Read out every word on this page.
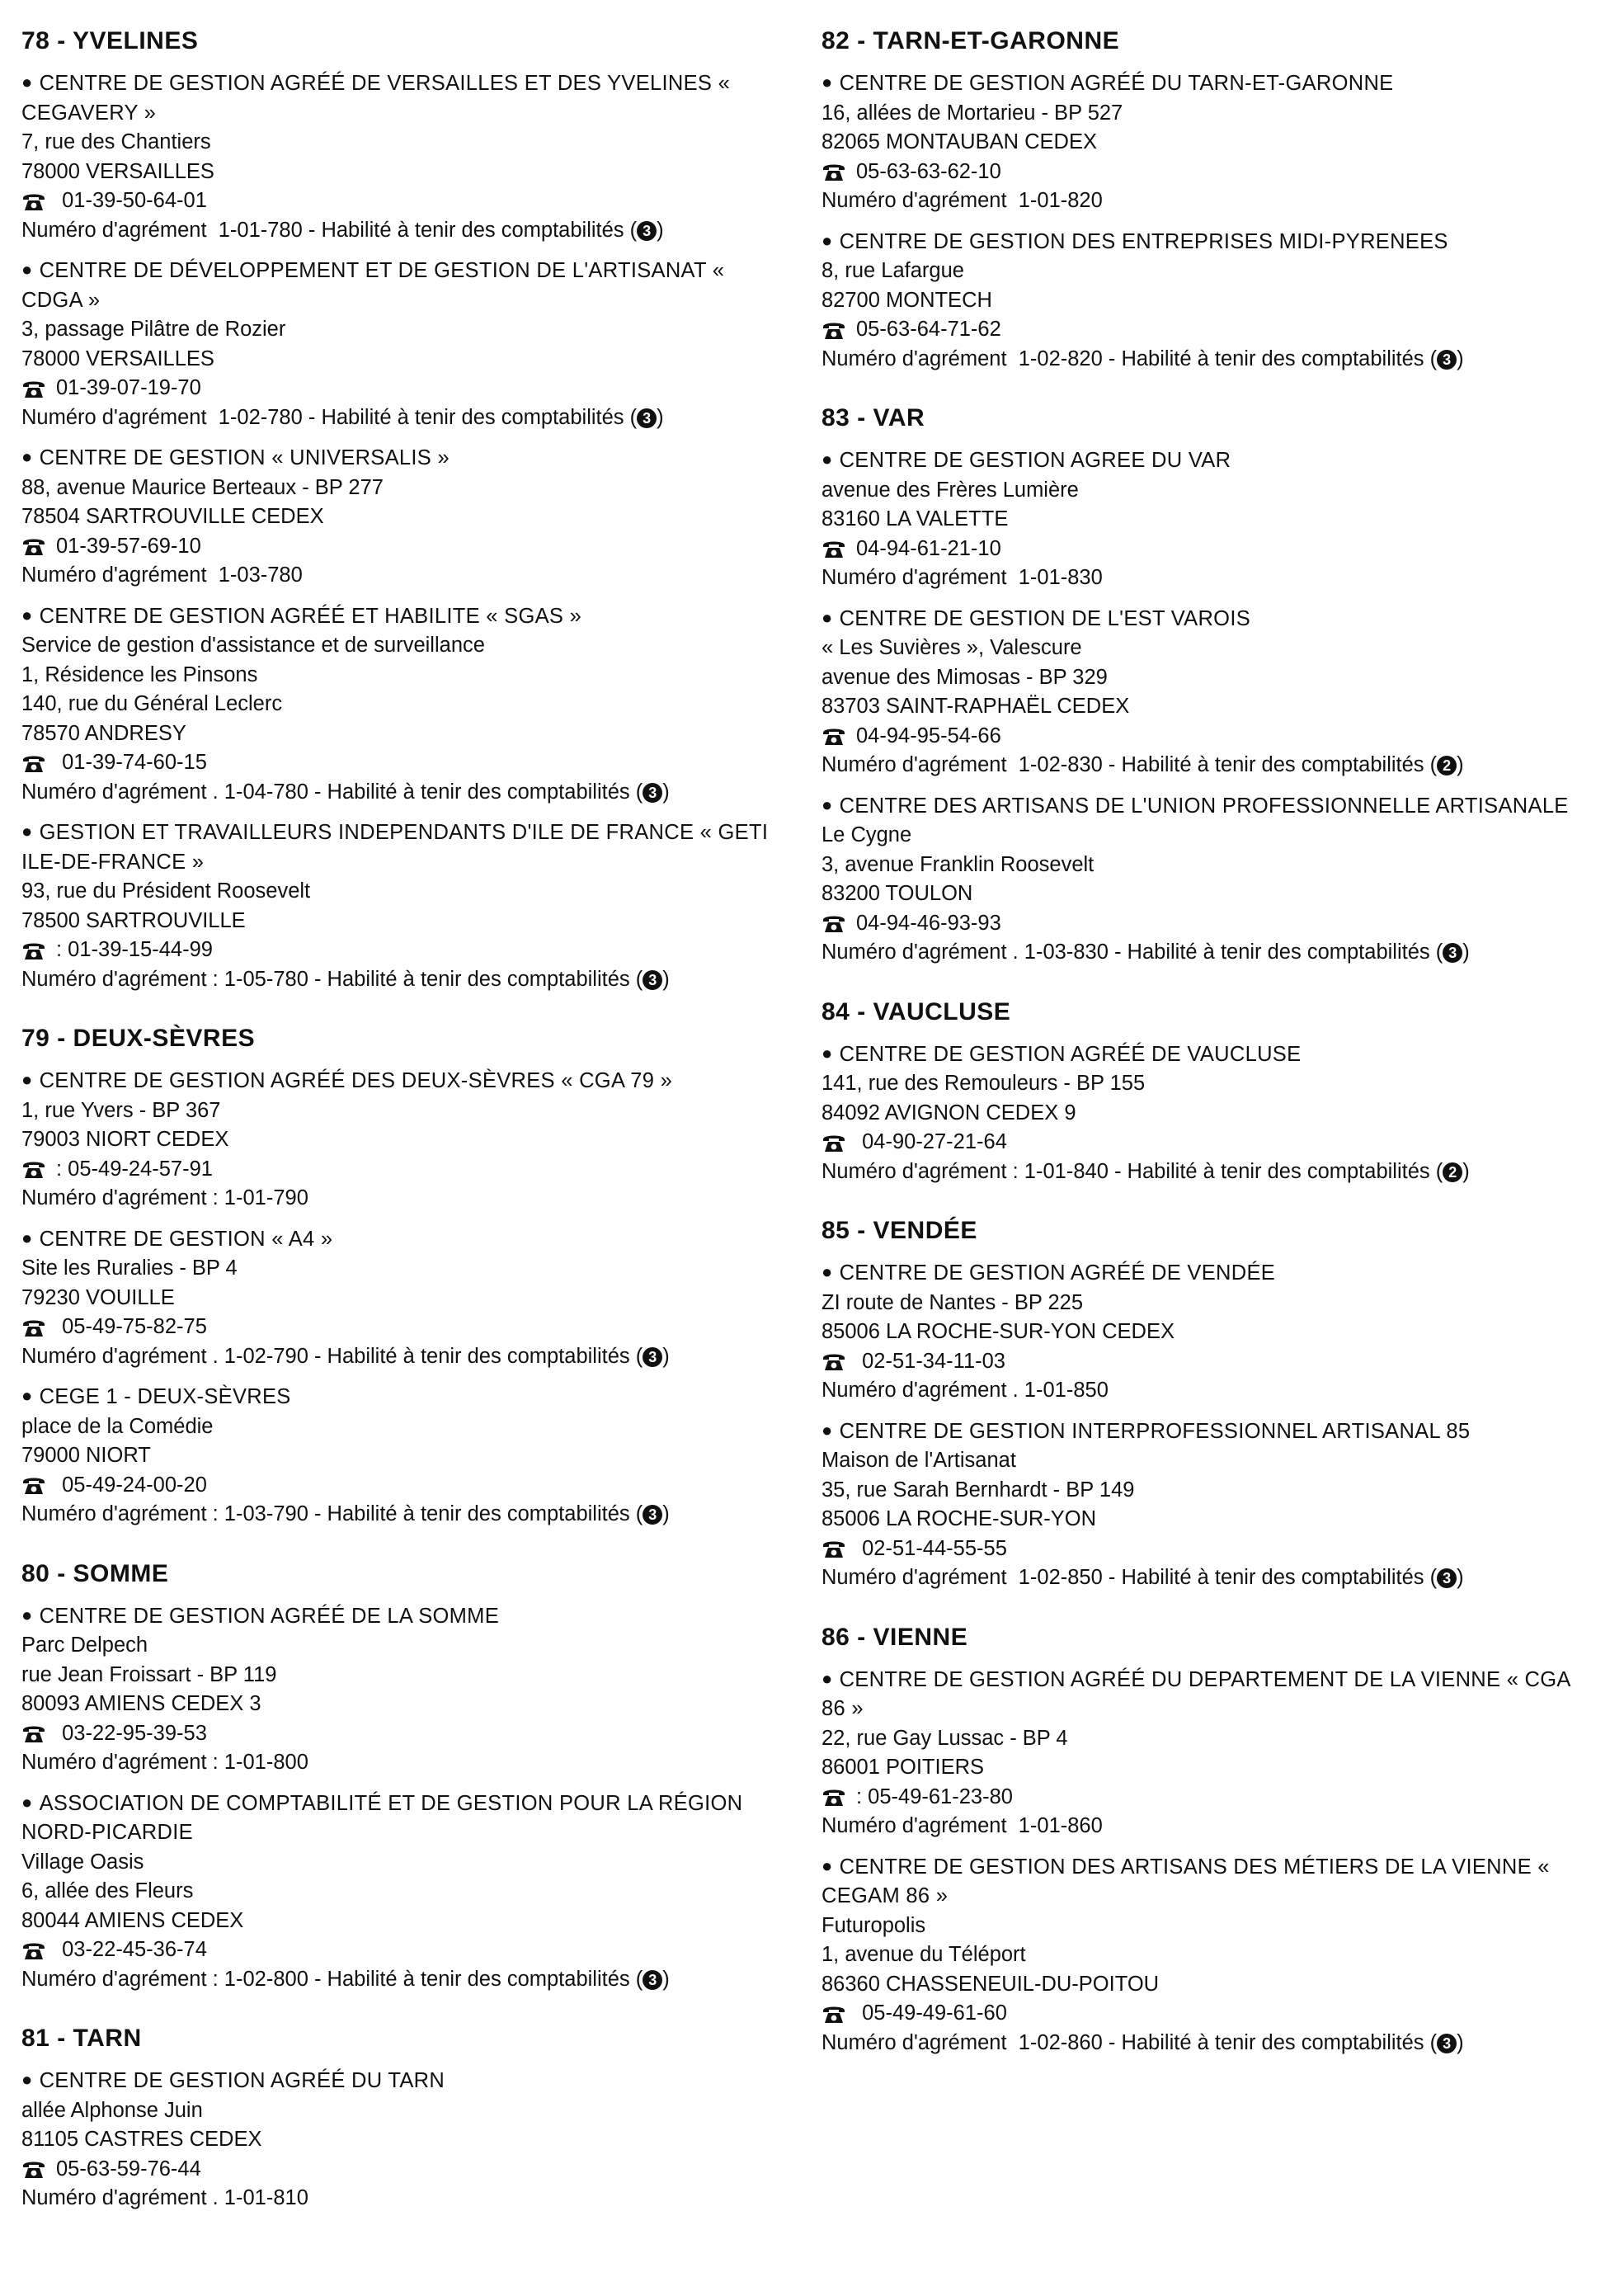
78 - YVELINES
● CENTRE DE GESTION AGRÉÉ DE VERSAILLES ET DES YVELINES « CEGAVERY »
7, rue des Chantiers
78000 VERSAILLES
01-39-50-64-01
Numéro d'agrément  1-01-780 - Habilité à tenir des comptabilités ( 3 )
● CENTRE DE DÉVELOPPEMENT ET DE GESTION DE L'ARTISANAT « CDGA »
3, passage Pilâtre de Rozier
78000 VERSAILLES
01-39-07-19-70
Numéro d'agrément  1-02-780 - Habilité à tenir des comptabilités ( 3 )
● CENTRE DE GESTION « UNIVERSALIS »
88, avenue Maurice Berteaux - BP 277
78504 SARTROUVILLE CEDEX
01-39-57-69-10
Numéro d'agrément  1-03-780
● CENTRE DE GESTION AGRÉÉ ET HABILITE « SGAS »
Service de gestion d'assistance et de surveillance
1, Résidence les Pinsons
140, rue du Général Leclerc
78570 ANDRESY
01-39-74-60-15
Numéro d'agrément . 1-04-780 - Habilité à tenir des comptabilités ( 3 )
● GESTION ET TRAVAILLEURS INDEPENDANTS D'ILE DE FRANCE « GETI ILE-DE-FRANCE »
93, rue du Président Roosevelt
78500 SARTROUVILLE
: 01-39-15-44-99
Numéro d'agrément : 1-05-780 - Habilité à tenir des comptabilités ( 3 )
79 - DEUX-SÈVRES
● CENTRE DE GESTION AGRÉÉ DES DEUX-SÈVRES « CGA 79 »
1, rue Yvers - BP 367
79003 NIORT CEDEX
: 05-49-24-57-91
Numéro d'agrément : 1-01-790
● CENTRE DE GESTION « A4 »
Site les Ruralies - BP 4
79230 VOUILLE
05-49-75-82-75
Numéro d'agrément . 1-02-790 - Habilité à tenir des comptabilités ( 3 )
● CEGE 1 - DEUX-SÈVRES
place de la Comédie
79000 NIORT
05-49-24-00-20
Numéro d'agrément : 1-03-790 - Habilité à tenir des comptabilités ( 3 )
80 - SOMME
● CENTRE DE GESTION AGRÉÉ DE LA SOMME
Parc Delpech
rue Jean Froissart - BP 119
80093 AMIENS CEDEX 3
03-22-95-39-53
Numéro d'agrément : 1-01-800
● ASSOCIATION DE COMPTABILITÉ ET DE GESTION POUR LA RÉGION NORD-PICARDIE
Village Oasis
6, allée des Fleurs
80044 AMIENS CEDEX
03-22-45-36-74
Numéro d'agrément : 1-02-800 - Habilité à tenir des comptabilités ( 3 )
81 - TARN
● CENTRE DE GESTION AGRÉÉ DU TARN
allée Alphonse Juin
81105 CASTRES CEDEX
05-63-59-76-44
Numéro d'agrément . 1-01-810
82 - TARN-ET-GARONNE
● CENTRE DE GESTION AGRÉÉ DU TARN-ET-GARONNE
16, allées de Mortarieu - BP 527
82065 MONTAUBAN CEDEX
05-63-63-62-10
Numéro d'agrément  1-01-820
● CENTRE DE GESTION DES ENTREPRISES MIDI-PYRENEES
8, rue Lafargue
82700 MONTECH
05-63-64-71-62
Numéro d'agrément  1-02-820 - Habilité à tenir des comptabilités ( 3 )
83 - VAR
● CENTRE DE GESTION AGREE DU VAR
avenue des Frères Lumière
83160 LA VALETTE
04-94-61-21-10
Numéro d'agrément  1-01-830
● CENTRE DE GESTION DE L'EST VAROIS
« Les Suvières », Valescure
avenue des Mimosas - BP 329
83703 SAINT-RAPHAËL CEDEX
04-94-95-54-66
Numéro d'agrément  1-02-830 - Habilité à tenir des comptabilités ( 2 )
● CENTRE DES ARTISANS DE L'UNION PROFESSIONNELLE ARTISANALE
Le Cygne
3, avenue Franklin Roosevelt
83200 TOULON
04-94-46-93-93
Numéro d'agrément . 1-03-830 - Habilité à tenir des comptabilités ( 3 )
84 - VAUCLUSE
● CENTRE DE GESTION AGRÉÉ DE VAUCLUSE
141, rue des Remouleurs - BP 155
84092 AVIGNON CEDEX 9
04-90-27-21-64
Numéro d'agrément : 1-01-840 - Habilité à tenir des comptabilités ( 2 )
85 - VENDÉE
● CENTRE DE GESTION AGRÉÉ DE VENDÉE
ZI route de Nantes - BP 225
85006 LA ROCHE-SUR-YON CEDEX
02-51-34-11-03
Numéro d'agrément . 1-01-850
● CENTRE DE GESTION INTERPROFESSIONNEL ARTISANAL 85
Maison de l'Artisanat
35, rue Sarah Bernhardt - BP 149
85006 LA ROCHE-SUR-YON
02-51-44-55-55
Numéro d'agrément  1-02-850 - Habilité à tenir des comptabilités ( 3 )
86 - VIENNE
● CENTRE DE GESTION AGRÉÉ DU DEPARTEMENT DE LA VIENNE « CGA 86 »
22, rue Gay Lussac - BP 4
86001 POITIERS
: 05-49-61-23-80
Numéro d'agrément  1-01-860
● CENTRE DE GESTION DES ARTISANS DES MÉTIERS DE LA VIENNE « CEGAM 86 »
Futuropolis
1, avenue du Téléport
86360 CHASSENEUIL-DU-POITOU
05-49-49-61-60
Numéro d'agrément  1-02-860 - Habilité à tenir des comptabilités ( 3 )
